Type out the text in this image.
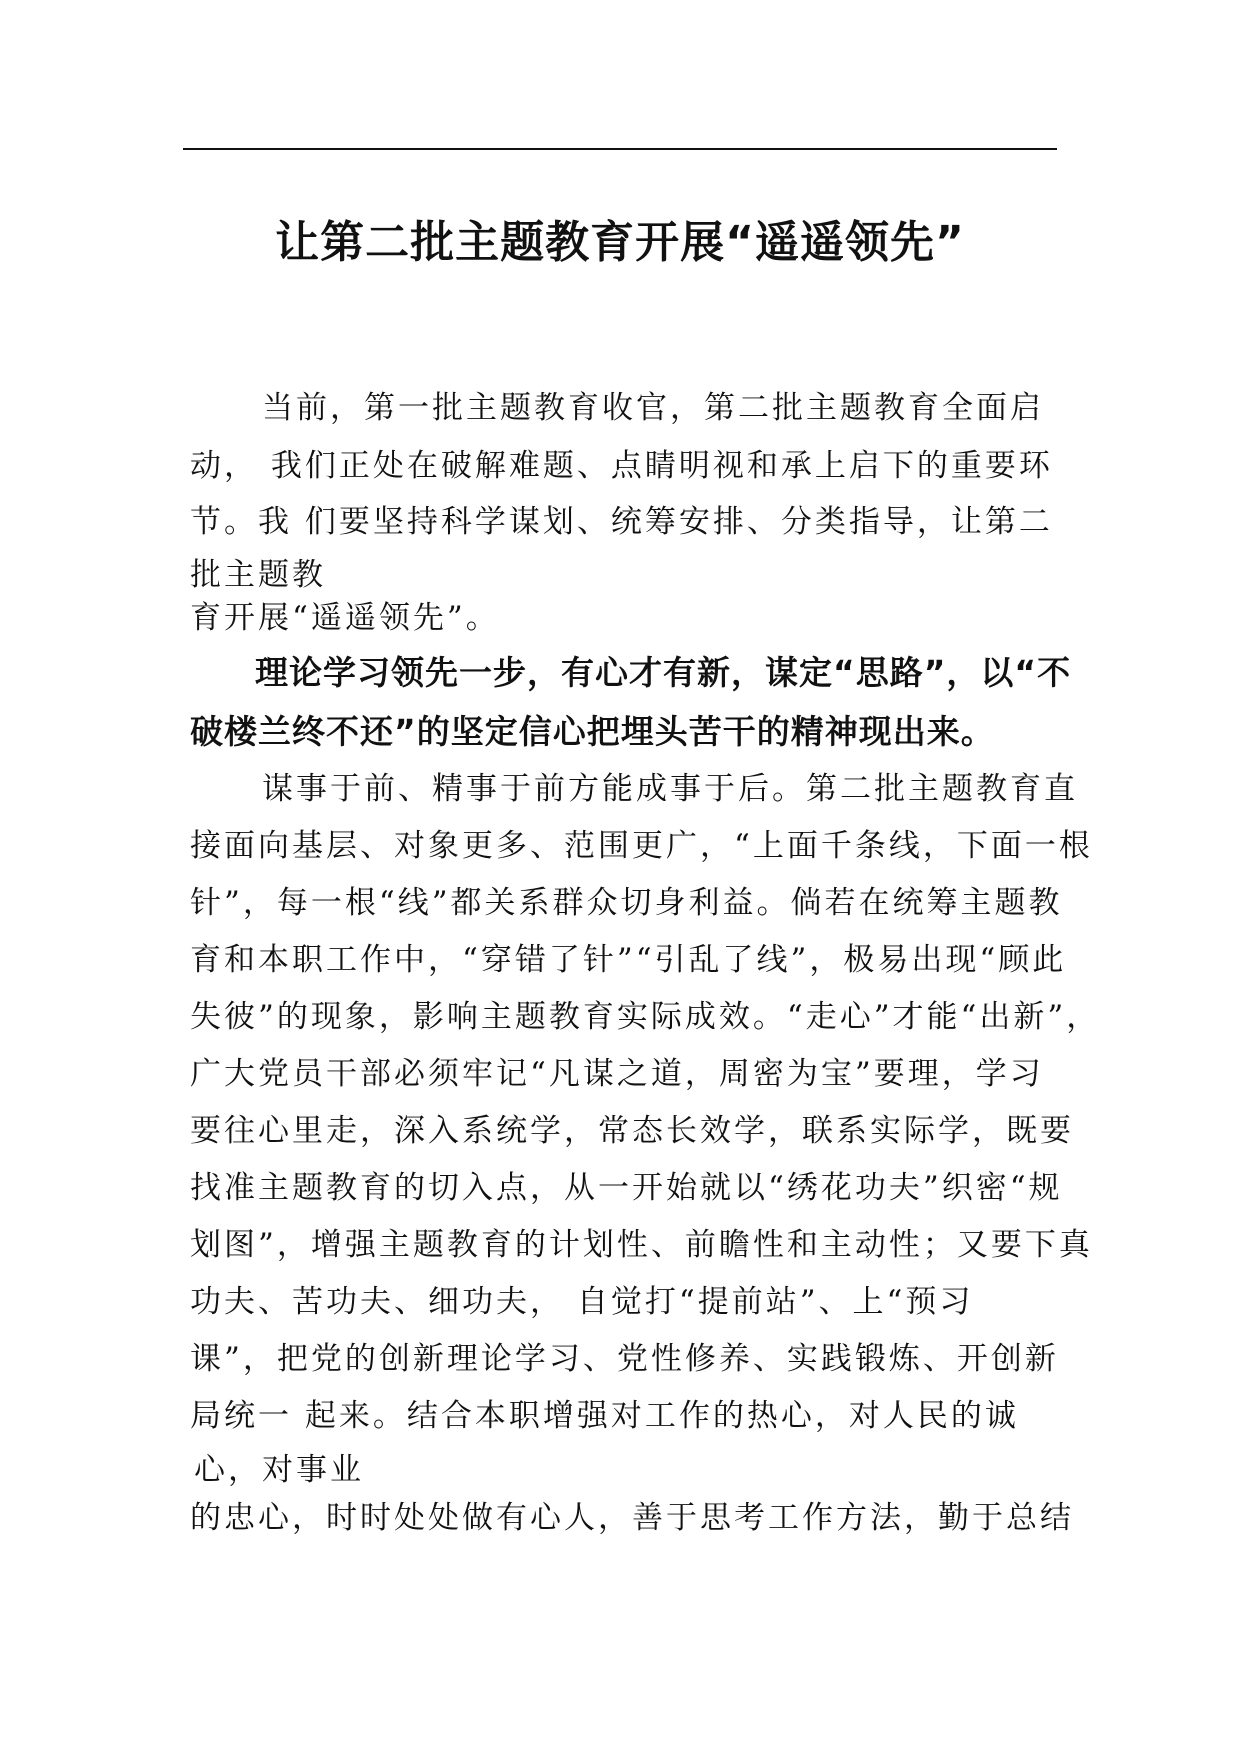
让第二批主题教育开展“遥遥领先”

当前，第一批主题教育收官，第二批主题教育全面启

动， 我们正处在破解难题、点睛明视和承上启下的重要环

节。我 们要坚持科学谋划、统筹安排、分类指导，让第二

批主题教

育开展“遥遥领先”。

理论学习领先一步，有心才有新，谋定“思路”，以“不

破楼兰终不还”的坚定信心把埋头苦干的精神现出来。

谋事于前、精事于前方能成事于后。第二批主题教育直

接面向基层、对象更多、范围更广，“上面千条线，下面一根

针”，每一根“线”都关系群众切身利益。倘若在统筹主题教

育和本职工作中，“穿错了针”“引乱了线”，极易出现“顾此

失彼”的现象，影响主题教育实际成效。“走心”才能“出新”，

广大党员干部必须牢记“凡谋之道，周密为宝”要理，学习

要往心里走，深入系统学，常态长效学，联系实际学，既要

找准主题教育的切入点，从一开始就以“绣花功夫”织密“规

划图”，增强主题教育的计划性、前瞻性和主动性；又要下真

功夫、苦功夫、细功夫， 自觉打“提前站”、上“预习

课”，把党的创新理论学习、党性修养、实践锻炼、开创新

局统一 起来。结合本职增强对工作的热心，对人民的诚

心，对事业

的忠心，时时处处做有心人，善于思考工作方法，勤于总结
